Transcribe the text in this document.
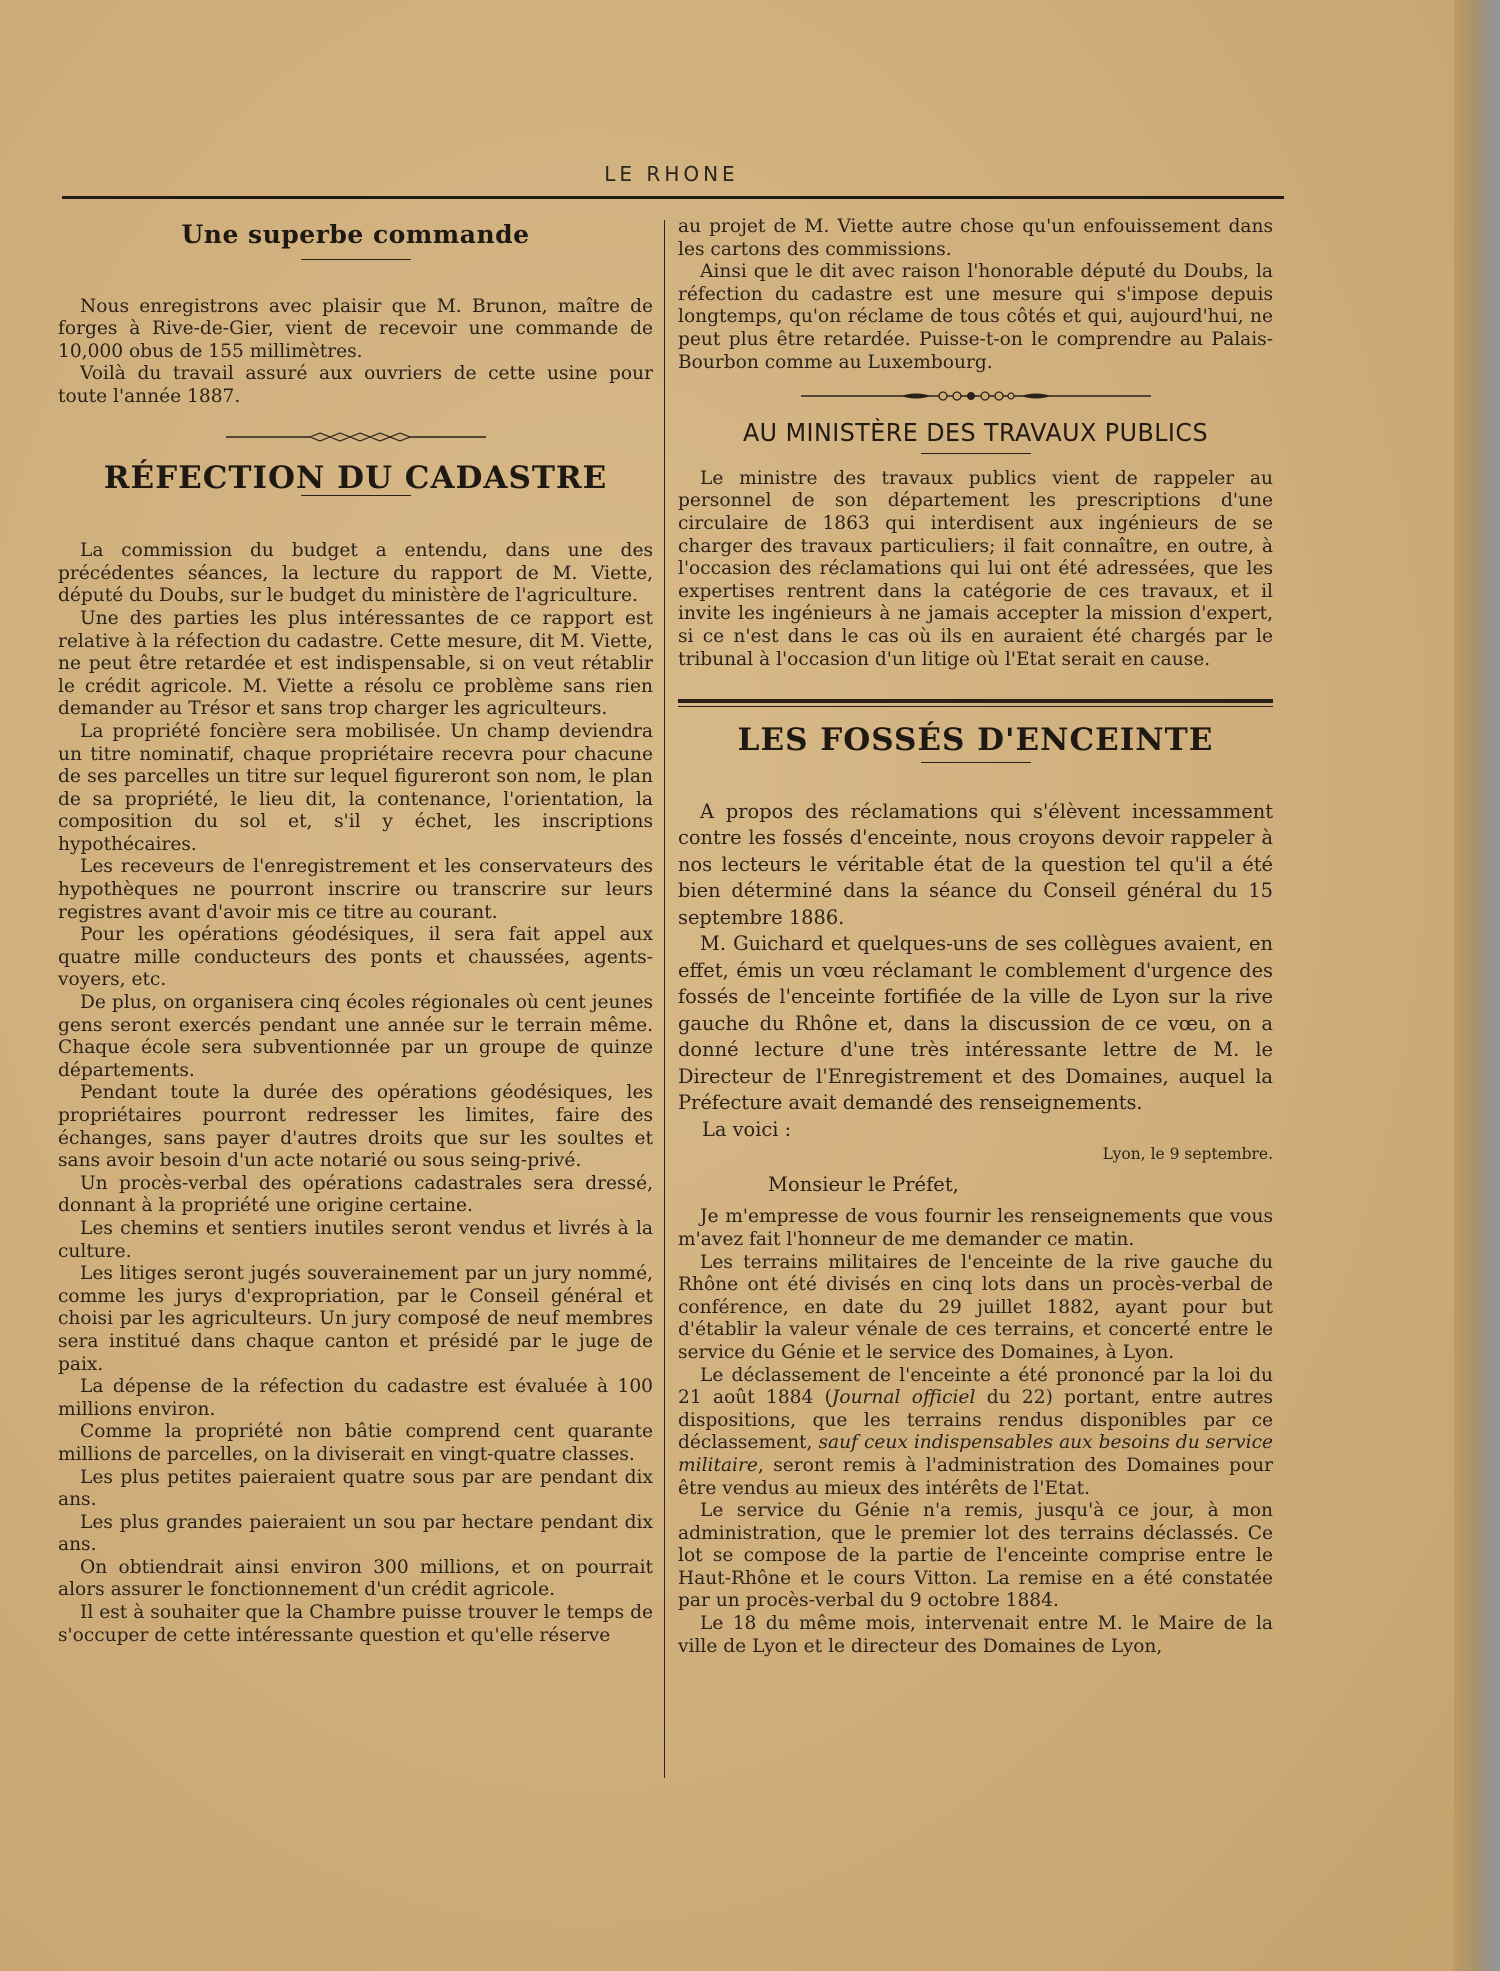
LE RHONE
Une superbe commande

Nous enregistrons avec plaisir que M. Brunon, maître de forges à Rive-de-Gier, vient de recevoir une commande de 10,000 obus de 155 millimètres.

Voilà du travail assuré aux ouvriers de cette usine pour toute l'année 1887.

RÉFECTION DU CADASTRE

La commission du budget a entendu, dans une des précédentes séances, la lecture du rapport de M. Viette, député du Doubs, sur le budget du ministère de l'agriculture.

Une des parties les plus intéressantes de ce rapport est relative à la réfection du cadastre. Cette mesure, dit M. Viette, ne peut être retardée et est indispensable, si on veut rétablir le crédit agricole. M. Viette a résolu ce problème sans rien demander au Trésor et sans trop charger les agriculteurs.

La propriété foncière sera mobilisée. Un champ deviendra un titre nominatif, chaque propriétaire recevra pour chacune de ses parcelles un titre sur lequel figureront son nom, le plan de sa propriété, le lieu dit, la contenance, l'orientation, la composition du sol et, s'il y échet, les inscriptions hypothécaires.

Les receveurs de l'enregistrement et les conservateurs des hypothèques ne pourront inscrire ou transcrire sur leurs registres avant d'avoir mis ce titre au courant.

Pour les opérations géodésiques, il sera fait appel aux quatre mille conducteurs des ponts et chaussées, agents-voyers, etc.

De plus, on organisera cinq écoles régionales où cent jeunes gens seront exercés pendant une année sur le terrain même. Chaque école sera subventionnée par un groupe de quinze départements.

Pendant toute la durée des opérations géodésiques, les propriétaires pourront redresser les limites, faire des échanges, sans payer d'autres droits que sur les soultes et sans avoir besoin d'un acte notarié ou sous seing-privé.

Un procès-verbal des opérations cadastrales sera dressé, donnant à la propriété une origine certaine.

Les chemins et sentiers inutiles seront vendus et livrés à la culture.

Les litiges seront jugés souverainement par un jury nommé, comme les jurys d'expropriation, par le Conseil général et choisi par les agriculteurs. Un jury composé de neuf membres sera institué dans chaque canton et présidé par le juge de paix.

La dépense de la réfection du cadastre est évaluée à 100 millions environ.

Comme la propriété non bâtie comprend cent quarante millions de parcelles, on la diviserait en vingt-quatre classes.

Les plus petites paieraient quatre sous par are pendant dix ans.

Les plus grandes paieraient un sou par hectare pendant dix ans.

On obtiendrait ainsi environ 300 millions, et on pourrait alors assurer le fonctionnement d'un crédit agricole.

Il est à souhaiter que la Chambre puisse trouver le temps de s'occuper de cette intéressante question et qu'elle réserve

au projet de M. Viette autre chose qu'un enfouissement dans les cartons des commissions.

Ainsi que le dit avec raison l'honorable député du Doubs, la réfection du cadastre est une mesure qui s'impose depuis longtemps, qu'on réclame de tous côtés et qui, aujourd'hui, ne peut plus être retardée. Puisse-t-on le comprendre au Palais-Bourbon comme au Luxembourg.

AU MINISTÈRE DES TRAVAUX PUBLICS

Le ministre des travaux publics vient de rappeler au personnel de son département les prescriptions d'une circulaire de 1863 qui interdisent aux ingénieurs de se charger des travaux particuliers; il fait connaître, en outre, à l'occasion des réclamations qui lui ont été adressées, que les expertises rentrent dans la catégorie de ces travaux, et il invite les ingénieurs à ne jamais accepter la mission d'expert, si ce n'est dans le cas où ils en auraient été chargés par le tribunal à l'occasion d'un litige où l'Etat serait en cause.

LES FOSSÉS D'ENCEINTE

A propos des réclamations qui s'élèvent incessamment contre les fossés d'enceinte, nous croyons devoir rappeler à nos lecteurs le véritable état de la question tel qu'il a été bien déterminé dans la séance du Conseil général du 15 septembre 1886.

M. Guichard et quelques-uns de ses collègues avaient, en effet, émis un vœu réclamant le comblement d'urgence des fossés de l'enceinte fortifiée de la ville de Lyon sur la rive gauche du Rhône et, dans la discussion de ce vœu, on a donné lecture d'une très intéressante lettre de M. le Directeur de l'Enregistrement et des Domaines, auquel la Préfecture avait demandé des renseignements.

La voici :

Lyon, le 9 septembre.

Monsieur le Préfet,

Je m'empresse de vous fournir les renseignements que vous m'avez fait l'honneur de me demander ce matin.

Les terrains militaires de l'enceinte de la rive gauche du Rhône ont été divisés en cinq lots dans un procès-verbal de conférence, en date du 29 juillet 1882, ayant pour but d'établir la valeur vénale de ces terrains, et concerté entre le service du Génie et le service des Domaines, à Lyon.

Le déclassement de l'enceinte a été prononcé par la loi du 21 août 1884 (Journal officiel du 22) portant, entre autres dispositions, que les terrains rendus disponibles par ce déclassement, sauf ceux indispensables aux besoins du service militaire, seront remis à l'administration des Domaines pour être vendus au mieux des intérêts de l'Etat.

Le service du Génie n'a remis, jusqu'à ce jour, à mon administration, que le premier lot des terrains déclassés. Ce lot se compose de la partie de l'enceinte comprise entre le Haut-Rhône et le cours Vitton. La remise en a été constatée par un procès-verbal du 9 octobre 1884.

Le 18 du même mois, intervenait entre M. le Maire de la ville de Lyon et le directeur des Domaines de Lyon,
